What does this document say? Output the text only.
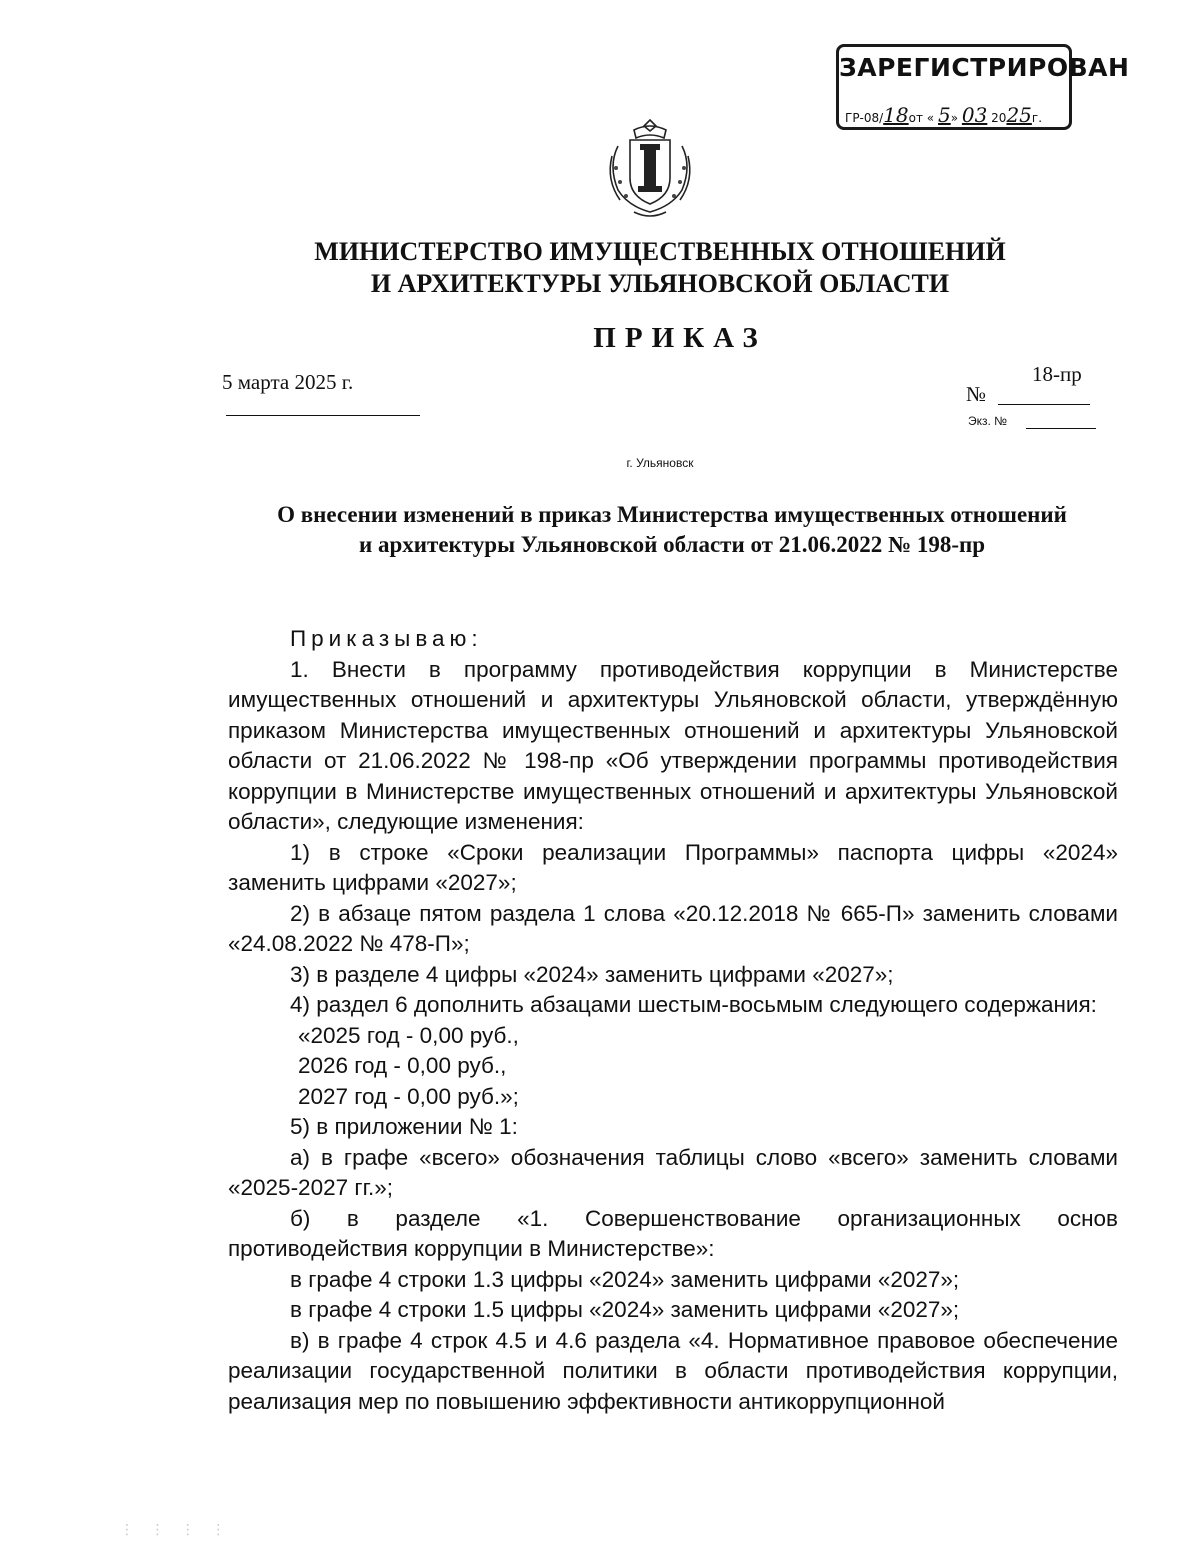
ЗАРЕГИСТРИРОВАН
ГР-08/18от « 5» 03 2025г.
МИНИСТЕРСТВО ИМУЩЕСТВЕННЫХ ОТНОШЕНИЙ
И АРХИТЕКТУРЫ УЛЬЯНОВСКОЙ ОБЛАСТИ
ПРИКАЗ
5 марта 2025 г.	18-пр
№
Экз. №
г. Ульяновск
О внесении изменений в приказ Министерства имущественных отношений
и архитектуры Ульяновской области от 21.06.2022 № 198-пр

Приказываю:

1. Внести в программу противодействия коррупции в Министерстве имущественных отношений и архитектуры Ульяновской области, утверждённую приказом Министерства имущественных отношений и архитектуры Ульяновской области от 21.06.2022 № 198-пр «Об утверждении программы противодействия коррупции в Министерстве имущественных отношений и архитектуры Ульяновской области», следующие изменения:

1) в строке «Сроки реализации Программы» паспорта цифры «2024» заменить цифрами «2027»;

2) в абзаце пятом раздела 1 слова «20.12.2018 № 665-П» заменить словами «24.08.2022 № 478-П»;

3) в разделе 4 цифры «2024» заменить цифрами «2027»;

4) раздел 6 дополнить абзацами шестым-восьмым следующего содержания:

«2025 год - 0,00 руб.,

2026 год - 0,00 руб.,

2027 год - 0,00 руб.»;

5) в приложении № 1:

а) в графе «всего» обозначения таблицы слово «всего» заменить словами «2025-2027 гг.»;

б) в разделе «1. Совершенствование организационных основ противодействия коррупции в Министерстве»:

в графе 4 строки 1.3 цифры «2024» заменить цифрами «2027»;

в графе 4 строки 1.5 цифры «2024» заменить цифрами «2027»;

в) в графе 4 строк 4.5 и 4.6 раздела «4. Нормативное правовое обеспечение реализации государственной политики в области противодействия коррупции, реализация мер по повышению эффективности антикоррупционной

⋮ ⋮ ⋮ ⋮
